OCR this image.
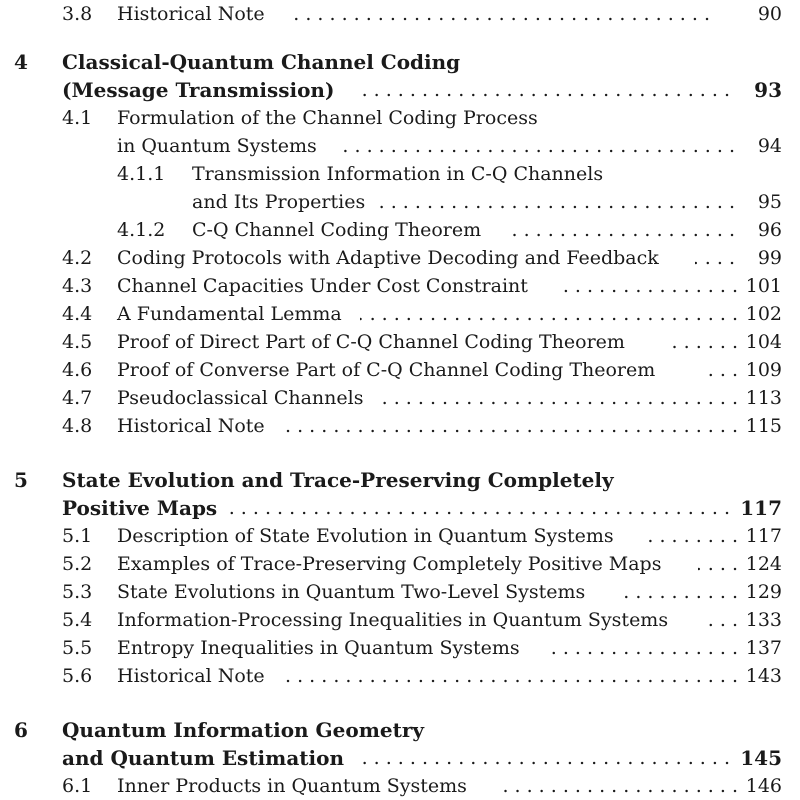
3.8 Historical Note . . .	90
4 Classical-Quantum Channel Coding
(Message Transmission) . . .	93
4.1 Formulation of the Channel Coding Process
in Quantum Systems . . .	94
4.1.1 Transmission Information in C-Q Channels
and Its Properties . . .	95
4.1.2 C-Q Channel Coding Theorem . . .	96
4.2 Coding Protocols with Adaptive Decoding and Feedback . . .	99
4.3 Channel Capacities Under Cost Constraint . . .	101
4.4 A Fundamental Lemma . . .	102
4.5 Proof of Direct Part of C-Q Channel Coding Theorem . . .	104
4.6 Proof of Converse Part of C-Q Channel Coding Theorem . . .	109
4.7 Pseudoclassical Channels . . .	113
4.8 Historical Note . . .	115
5 State Evolution and Trace-Preserving Completely
Positive Maps . . .	117
5.1 Description of State Evolution in Quantum Systems . . .	117
5.2 Examples of Trace-Preserving Completely Positive Maps . . .	124
5.3 State Evolutions in Quantum Two-Level Systems . . .	129
5.4 Information-Processing Inequalities in Quantum Systems . . .	133
5.5 Entropy Inequalities in Quantum Systems . . .	137
5.6 Historical Note . . .	143
6 Quantum Information Geometry
and Quantum Estimation . . .	145
6.1 Inner Products in Quantum Systems . . .	146
